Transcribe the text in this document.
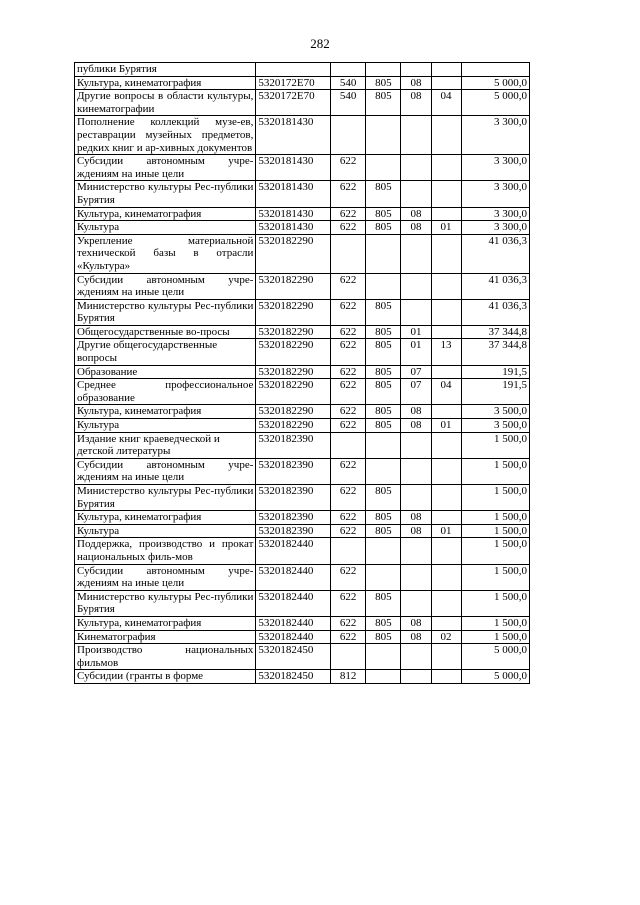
282
публики Бурятия						
Культура, кинематография	5320172E70	540	805	08		5 000,0
Другие вопросы в области культуры, кинематографии	5320172E70	540	805	08	04	5 000,0
Пополнение коллекций музе-ев, реставрации музейных предметов, редких книг и ар-хивных документов	5320181430					3 300,0
Субсидии автономным учре-ждениям на иные цели	5320181430	622				3 300,0
Министерство культуры Рес-публики Бурятия	5320181430	622	805			3 300,0
Культура, кинематография	5320181430	622	805	08		3 300,0
Культура	5320181430	622	805	08	01	3 300,0
Укрепление материальной технической базы в отрасли «Культура»	5320182290					41 036,3
Субсидии автономным учре-ждениям на иные цели	5320182290	622				41 036,3
Министерство культуры Рес-публики Бурятия	5320182290	622	805			41 036,3
Общегосударственные во-просы	5320182290	622	805	01		37 344,8
Другие общегосударственные вопросы	5320182290	622	805	01	13	37 344,8
Образование	5320182290	622	805	07		191,5
Среднее профессиональное образование	5320182290	622	805	07	04	191,5
Культура, кинематография	5320182290	622	805	08		3 500,0
Культура	5320182290	622	805	08	01	3 500,0
Издание книг краеведческой и детской литературы	5320182390					1 500,0
Субсидии автономным учре-ждениям на иные цели	5320182390	622				1 500,0
Министерство культуры Рес-публики Бурятия	5320182390	622	805			1 500,0
Культура, кинематография	5320182390	622	805	08		1 500,0
Культура	5320182390	622	805	08	01	1 500,0
Поддержка, производство и прокат национальных филь-мов	5320182440					1 500,0
Субсидии автономным учре-ждениям на иные цели	5320182440	622				1 500,0
Министерство культуры Рес-публики Бурятия	5320182440	622	805			1 500,0
Культура, кинематография	5320182440	622	805	08		1 500,0
Кинематография	5320182440	622	805	08	02	1 500,0
Производство национальных фильмов	5320182450					5 000,0
Субсидии (гранты в форме	5320182450	812				5 000,0
